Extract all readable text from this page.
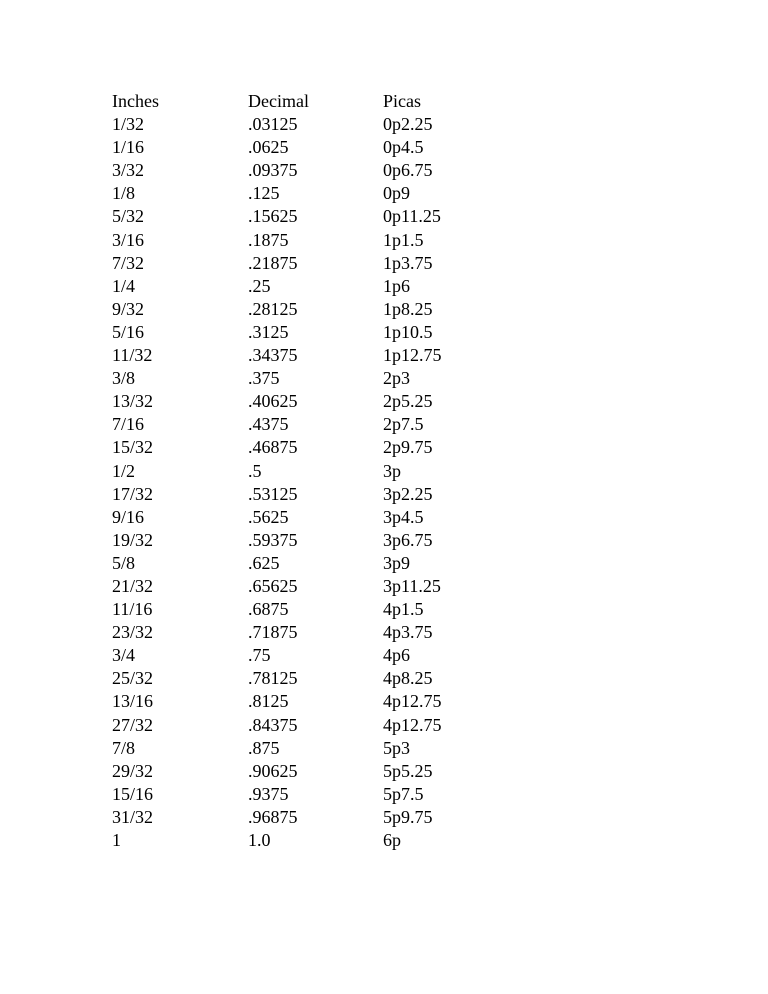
Inches	Decimal	Picas
1/32	.03125	0p2.25
1/16	.0625	0p4.5
3/32	.09375	0p6.75
1/8	.125	0p9
5/32	.15625	0p11.25
3/16	.1875	1p1.5
7/32	.21875	1p3.75
1/4	.25	1p6
9/32	.28125	1p8.25
5/16	.3125	1p10.5
11/32	.34375	1p12.75
3/8	.375	2p3
13/32	.40625	2p5.25
7/16	.4375	2p7.5
15/32	.46875	2p9.75
1/2	.5	3p
17/32	.53125	3p2.25
9/16	.5625	3p4.5
19/32	.59375	3p6.75
5/8	.625	3p9
21/32	.65625	3p11.25
11/16	.6875	4p1.5
23/32	.71875	4p3.75
3/4	.75	4p6
25/32	.78125	4p8.25
13/16	.8125	4p12.75
27/32	.84375	4p12.75
7/8	.875	5p3
29/32	.90625	5p5.25
15/16	.9375	5p7.5
31/32	.96875	5p9.75
1	1.0	6p
